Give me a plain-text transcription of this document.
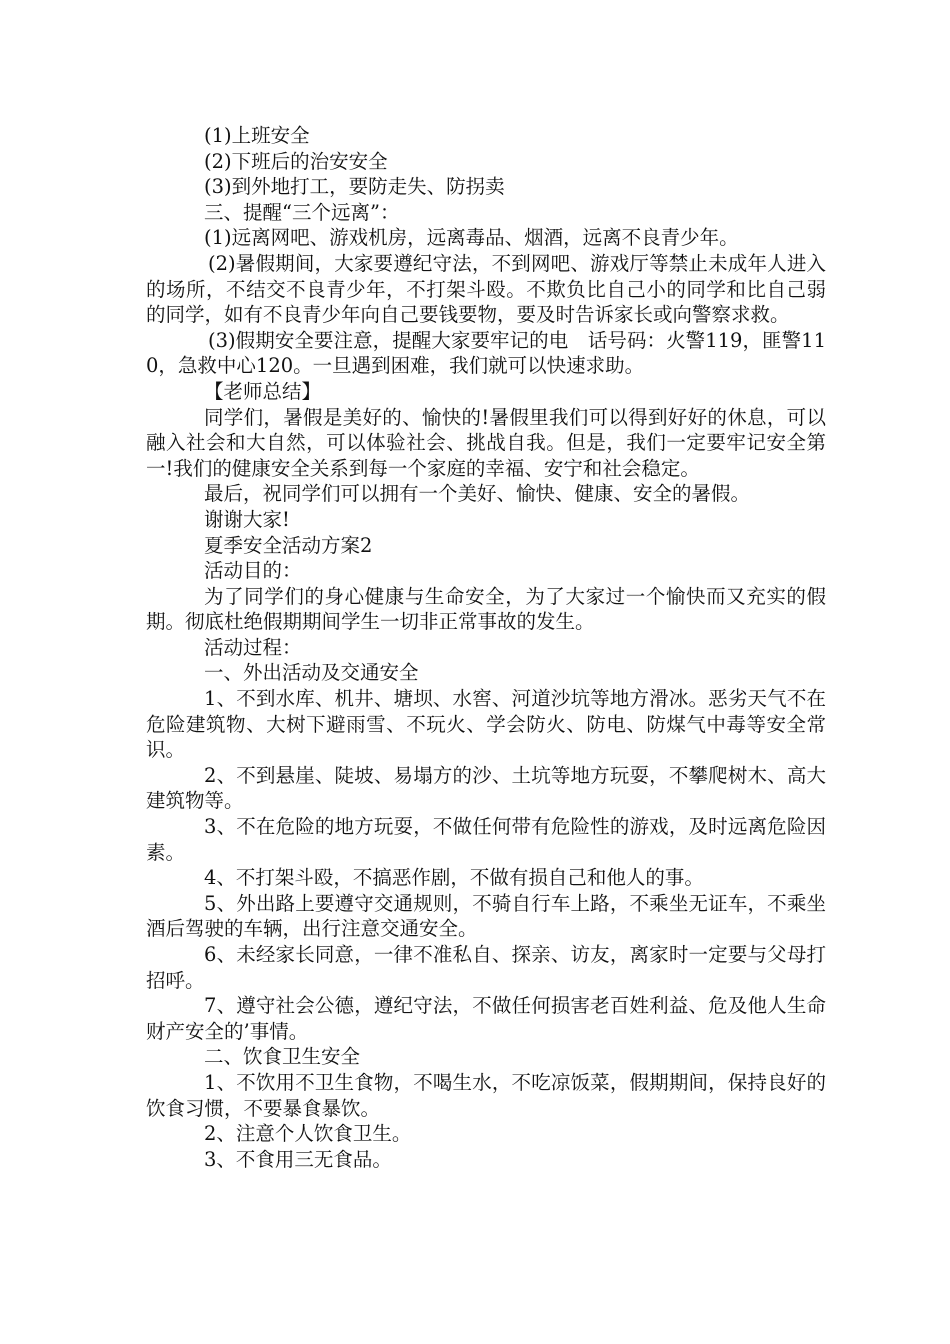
(1)上班安全

(2)下班后的治安安全

(3)到外地打工，要防走失、防拐卖

三、提醒“三个远离”：

(1)远离网吧、游戏机房，远离毒品、烟酒，远离不良青少年。

(2)暑假期间，大家要遵纪守法，不到网吧、游戏厅等禁止未成年人进入的场所，不结交不良青少年，不打架斗殴。不欺负比自己小的同学和比自己弱的同学，如有不良青少年向自己要钱要物，要及时告诉家长或向警察求救。

(3)假期安全要注意，提醒大家要牢记的电　话号码：火警119，匪警110，急救中心120。一旦遇到困难，我们就可以快速求助。

【老师总结】

同学们，暑假是美好的、愉快的!暑假里我们可以得到好好的休息，可以融入社会和大自然，可以体验社会、挑战自我。但是，我们一定要牢记安全第一!我们的健康安全关系到每一个家庭的幸福、安宁和社会稳定。

最后，祝同学们可以拥有一个美好、愉快、健康、安全的暑假。

谢谢大家!

夏季安全活动方案2

活动目的：

为了同学们的身心健康与生命安全，为了大家过一个愉快而又充实的假期。彻底杜绝假期期间学生一切非正常事故的发生。

活动过程：

一、外出活动及交通安全

1、不到水库、机井、塘坝、水窖、河道沙坑等地方滑冰。恶劣天气不在危险建筑物、大树下避雨雪、不玩火、学会防火、防电、防煤气中毒等安全常识。

2、不到悬崖、陡坡、易塌方的沙、土坑等地方玩耍，不攀爬树木、高大建筑物等。

3、不在危险的地方玩耍，不做任何带有危险性的游戏，及时远离危险因素。

4、不打架斗殴，不搞恶作剧，不做有损自己和他人的事。

5、外出路上要遵守交通规则，不骑自行车上路，不乘坐无证车，不乘坐酒后驾驶的车辆，出行注意交通安全。

6、未经家长同意，一律不准私自、探亲、访友，离家时一定要与父母打招呼。

7、遵守社会公德，遵纪守法，不做任何损害老百姓利益、危及他人生命财产安全的’事情。

二、饮食卫生安全

1、不饮用不卫生食物，不喝生水，不吃凉饭菜，假期期间，保持良好的饮食习惯，不要暴食暴饮。

2、注意个人饮食卫生。

3、不食用三无食品。
